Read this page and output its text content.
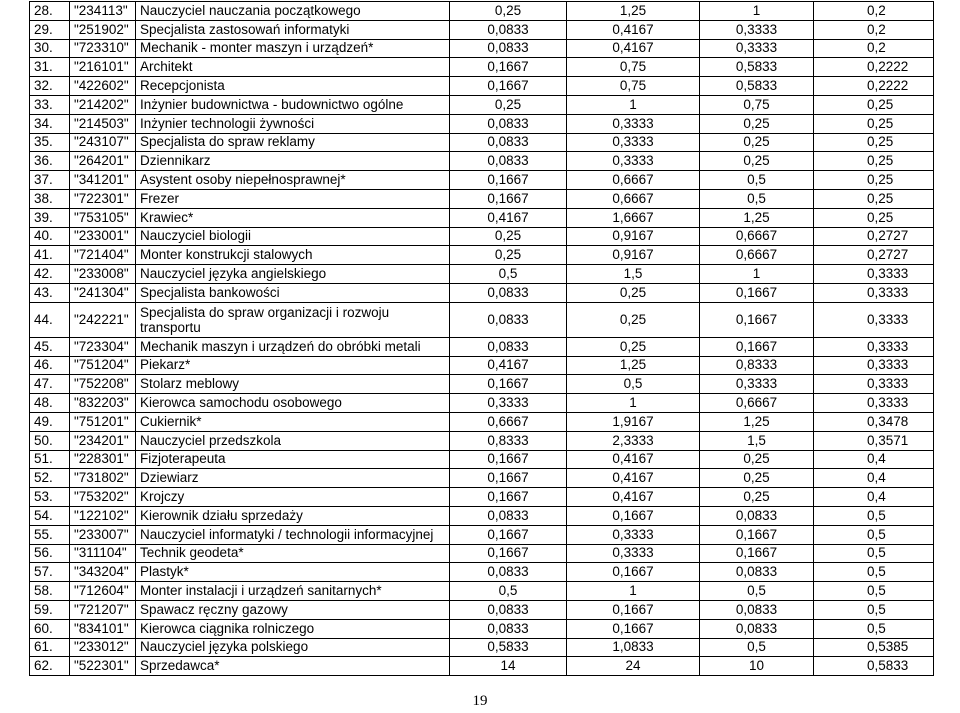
28.	"234113"	Nauczyciel nauczania początkowego	0,25	1,25	1	0,2
29.	"251902"	Specjalista zastosowań informatyki	0,0833	0,4167	0,3333	0,2
30.	"723310"	Mechanik - monter maszyn i urządzeń*	0,0833	0,4167	0,3333	0,2
31.	"216101"	Architekt	0,1667	0,75	0,5833	0,2222
32.	"422602"	Recepcjonista	0,1667	0,75	0,5833	0,2222
33.	"214202"	Inżynier budownictwa - budownictwo ogólne	0,25	1	0,75	0,25
34.	"214503"	Inżynier technologii żywności	0,0833	0,3333	0,25	0,25
35.	"243107"	Specjalista do spraw reklamy	0,0833	0,3333	0,25	0,25
36.	"264201"	Dziennikarz	0,0833	0,3333	0,25	0,25
37.	"341201"	Asystent osoby niepełnosprawnej*	0,1667	0,6667	0,5	0,25
38.	"722301"	Frezer	0,1667	0,6667	0,5	0,25
39.	"753105"	Krawiec*	0,4167	1,6667	1,25	0,25
40.	"233001"	Nauczyciel biologii	0,25	0,9167	0,6667	0,2727
41.	"721404"	Monter konstrukcji stalowych	0,25	0,9167	0,6667	0,2727
42.	"233008"	Nauczyciel języka angielskiego	0,5	1,5	1	0,3333
43.	"241304"	Specjalista bankowości	0,0833	0,25	0,1667	0,3333
44.	"242221"	Specjalista do spraw organizacji i rozwoju transportu	0,0833	0,25	0,1667	0,3333
45.	"723304"	Mechanik maszyn i urządzeń do obróbki metali	0,0833	0,25	0,1667	0,3333
46.	"751204"	Piekarz*	0,4167	1,25	0,8333	0,3333
47.	"752208"	Stolarz meblowy	0,1667	0,5	0,3333	0,3333
48.	"832203"	Kierowca samochodu osobowego	0,3333	1	0,6667	0,3333
49.	"751201"	Cukiernik*	0,6667	1,9167	1,25	0,3478
50.	"234201"	Nauczyciel przedszkola	0,8333	2,3333	1,5	0,3571
51.	"228301"	Fizjoterapeuta	0,1667	0,4167	0,25	0,4
52.	"731802"	Dziewiarz	0,1667	0,4167	0,25	0,4
53.	"753202"	Krojczy	0,1667	0,4167	0,25	0,4
54.	"122102"	Kierownik działu sprzedaży	0,0833	0,1667	0,0833	0,5
55.	"233007"	Nauczyciel informatyki / technologii informacyjnej	0,1667	0,3333	0,1667	0,5
56.	"311104"	Technik geodeta*	0,1667	0,3333	0,1667	0,5
57.	"343204"	Plastyk*	0,0833	0,1667	0,0833	0,5
58.	"712604"	Monter instalacji i urządzeń sanitarnych*	0,5	1	0,5	0,5
59.	"721207"	Spawacz ręczny gazowy	0,0833	0,1667	0,0833	0,5
60.	"834101"	Kierowca ciągnika rolniczego	0,0833	0,1667	0,0833	0,5
61.	"233012"	Nauczyciel języka polskiego	0,5833	1,0833	0,5	0,5385
62.	"522301"	Sprzedawca*	14	24	10	0,5833
19
